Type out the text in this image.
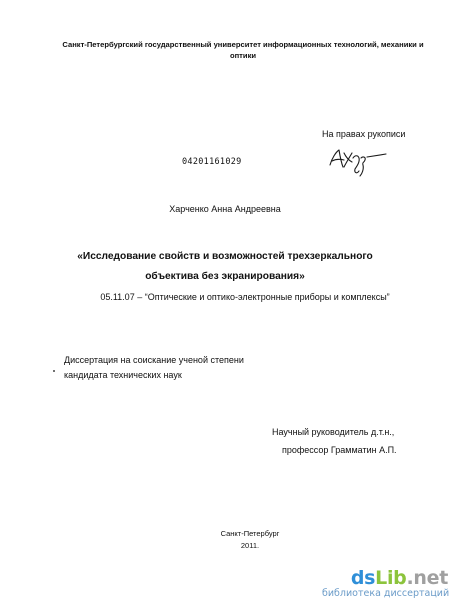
Санкт-Петербургский государственный университет информационных технологий, механики и оптики
На правах рукописи
04201161029
Харченко Анна Андреевна
«Исследование свойств и возможностей трехзеркального
объектива без экранирования»
05.11.07 – “Оптические и оптико-электронные приборы и комплексы”
Диссертация на соискание ученой степени
кандидата технических наук
Научный руководитель д.т.н.,
профессор Грамматин А.П.
Санкт-Петербург
2011.
dsLib.net
библиотека диссертаций
